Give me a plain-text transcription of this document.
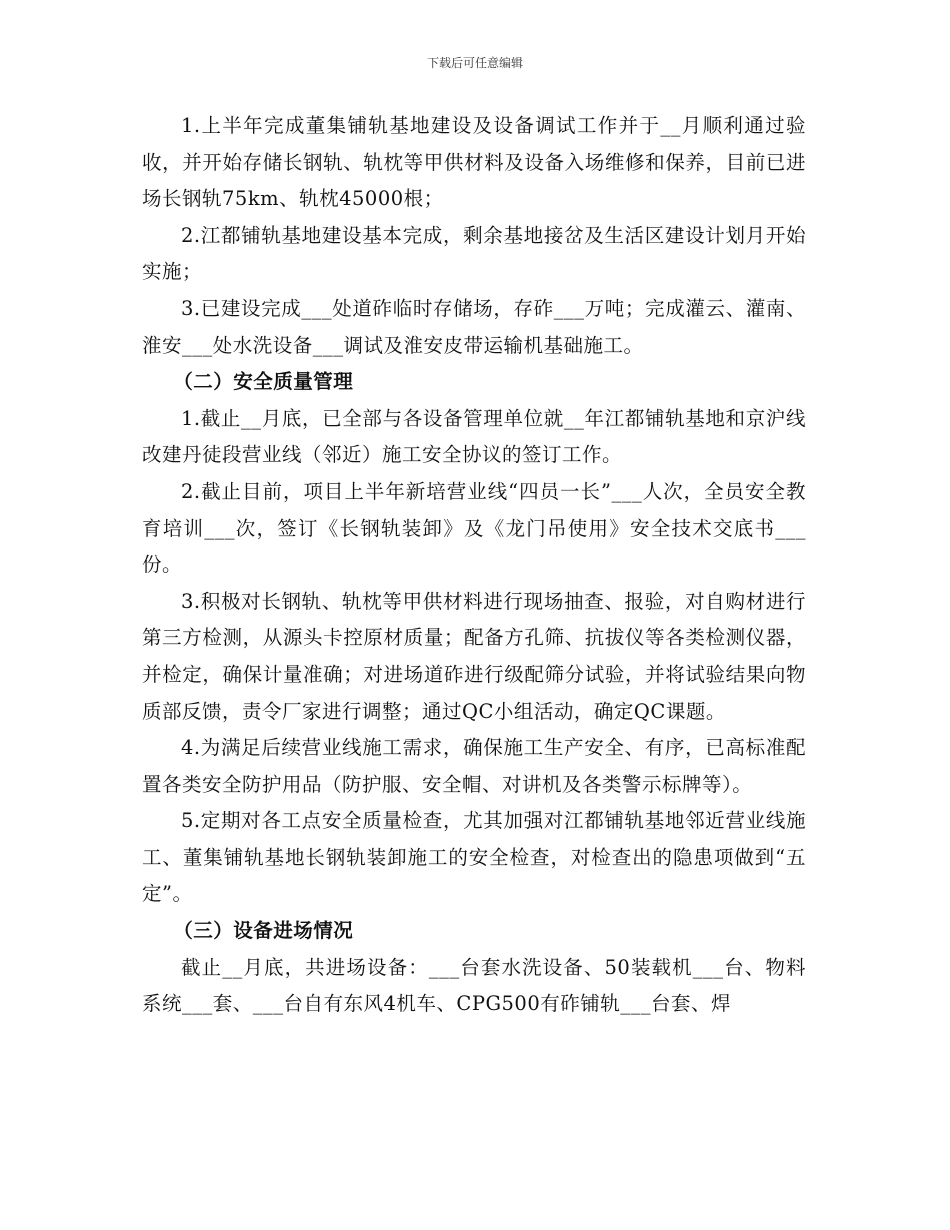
下载后可任意编辑

1.上半年完成董集铺轨基地建设及设备调试工作并于__月顺利通过验收，并开始存储长钢轨、轨枕等甲供材料及设备入场维修和保养，目前已进场长钢轨75km、轨枕45000根；

2.江都铺轨基地建设基本完成，剩余基地接岔及生活区建设计划月开始实施；

3.已建设完成___处道砟临时存储场，存砟___万吨；完成灌云、灌南、淮安___处水洗设备___调试及淮安皮带运输机基础施工。

（二）安全质量管理

1.截止__月底，已全部与各设备管理单位就__年江都铺轨基地和京沪线改建丹徒段营业线（邻近）施工安全协议的签订工作。

2.截止目前，项目上半年新培营业线“四员一长”___人次，全员安全教育培训___次，签订《长钢轨装卸》及《龙门吊使用》安全技术交底书___份。

3.积极对长钢轨、轨枕等甲供材料进行现场抽查、报验，对自购材进行第三方检测，从源头卡控原材质量；配备方孔筛、抗拔仪等各类检测仪器，并检定，确保计量准确；对进场道砟进行级配筛分试验，并将试验结果向物质部反馈，责令厂家进行调整；通过QC小组活动，确定QC课题。

4.为满足后续营业线施工需求，确保施工生产安全、有序，已高标准配置各类安全防护用品（防护服、安全帽、对讲机及各类警示标牌等）。

5.定期对各工点安全质量检查，尤其加强对江都铺轨基地邻近营业线施工、董集铺轨基地长钢轨装卸施工的安全检查，对检查出的隐患项做到“五定”。

（三）设备进场情况

截止__月底，共进场设备：___台套水洗设备、50装载机___台、物料系统___套、___台自有东风4机车、CPG500有砟铺轨___台套、焊
